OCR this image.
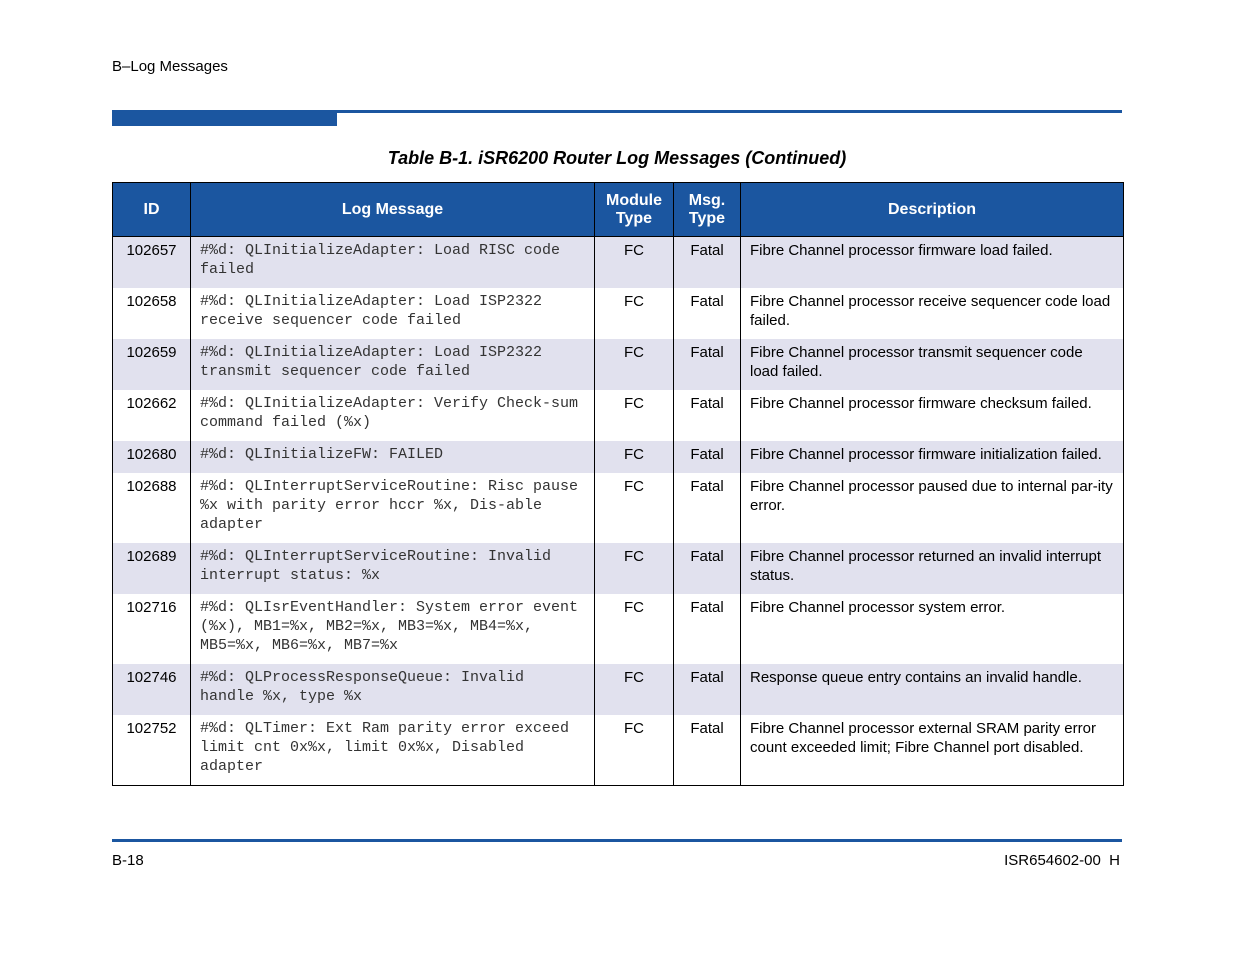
B–Log Messages
Table B-1. iSR6200 Router Log Messages (Continued)
ID	Log Message	Module Type	Msg. Type	Description
102657	#%d: QLInitializeAdapter: Load RISC code failed	FC	Fatal	Fibre Channel processor firmware load failed.
102658	#%d: QLInitializeAdapter: Load ISP2322 receive sequencer code failed	FC	Fatal	Fibre Channel processor receive sequencer code load failed.
102659	#%d: QLInitializeAdapter: Load ISP2322 transmit sequencer code failed	FC	Fatal	Fibre Channel processor transmit sequencer code load failed.
102662	#%d: QLInitializeAdapter: Verify Check-sum command failed (%x)	FC	Fatal	Fibre Channel processor firmware checksum failed.
102680	#%d: QLInitializeFW: FAILED	FC	Fatal	Fibre Channel processor firmware initialization failed.
102688	#%d: QLInterruptServiceRoutine: Risc pause %x with parity error hccr %x, Dis-able adapter	FC	Fatal	Fibre Channel processor paused due to internal par-ity error.
102689	#%d: QLInterruptServiceRoutine: Invalid interrupt status: %x	FC	Fatal	Fibre Channel processor returned an invalid interrupt status.
102716	#%d: QLIsrEventHandler: System error event (%x), MB1=%x, MB2=%x, MB3=%x, MB4=%x, MB5=%x, MB6=%x, MB7=%x	FC	Fatal	Fibre Channel processor system error.
102746	#%d: QLProcessResponseQueue: Invalid handle %x, type %x	FC	Fatal	Response queue entry contains an invalid handle.
102752	#%d: QLTimer: Ext Ram parity error exceed limit cnt 0x%x, limit 0x%x, Disabled adapter	FC	Fatal	Fibre Channel processor external SRAM parity error count exceeded limit; Fibre Channel port disabled.
B-18	ISR654602-00  H
